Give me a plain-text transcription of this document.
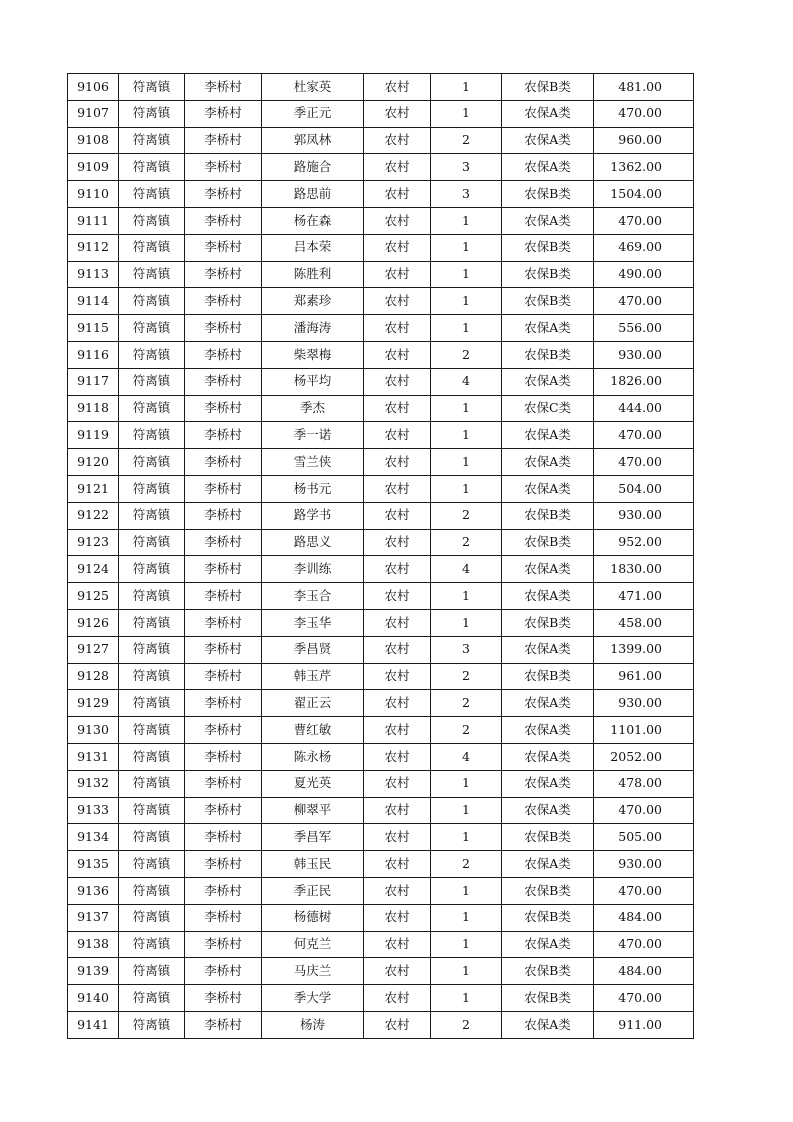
9106	符离镇	李桥村	杜家英	农村	1	农保B类	481.00
9107	符离镇	李桥村	季正元	农村	1	农保A类	470.00
9108	符离镇	李桥村	郭凤林	农村	2	农保A类	960.00
9109	符离镇	李桥村	路施合	农村	3	农保A类	1362.00
9110	符离镇	李桥村	路思前	农村	3	农保B类	1504.00
9111	符离镇	李桥村	杨在森	农村	1	农保A类	470.00
9112	符离镇	李桥村	吕本荣	农村	1	农保B类	469.00
9113	符离镇	李桥村	陈胜利	农村	1	农保B类	490.00
9114	符离镇	李桥村	郑素珍	农村	1	农保B类	470.00
9115	符离镇	李桥村	潘海涛	农村	1	农保A类	556.00
9116	符离镇	李桥村	柴翠梅	农村	2	农保B类	930.00
9117	符离镇	李桥村	杨平均	农村	4	农保A类	1826.00
9118	符离镇	李桥村	季杰	农村	1	农保C类	444.00
9119	符离镇	李桥村	季一诺	农村	1	农保A类	470.00
9120	符离镇	李桥村	雪兰侠	农村	1	农保A类	470.00
9121	符离镇	李桥村	杨书元	农村	1	农保A类	504.00
9122	符离镇	李桥村	路学书	农村	2	农保B类	930.00
9123	符离镇	李桥村	路思义	农村	2	农保B类	952.00
9124	符离镇	李桥村	李训练	农村	4	农保A类	1830.00
9125	符离镇	李桥村	李玉合	农村	1	农保A类	471.00
9126	符离镇	李桥村	李玉华	农村	1	农保B类	458.00
9127	符离镇	李桥村	季昌贤	农村	3	农保A类	1399.00
9128	符离镇	李桥村	韩玉芹	农村	2	农保B类	961.00
9129	符离镇	李桥村	翟正云	农村	2	农保A类	930.00
9130	符离镇	李桥村	曹红敏	农村	2	农保A类	1101.00
9131	符离镇	李桥村	陈永杨	农村	4	农保A类	2052.00
9132	符离镇	李桥村	夏光英	农村	1	农保A类	478.00
9133	符离镇	李桥村	柳翠平	农村	1	农保A类	470.00
9134	符离镇	李桥村	季昌军	农村	1	农保B类	505.00
9135	符离镇	李桥村	韩玉民	农村	2	农保A类	930.00
9136	符离镇	李桥村	季正民	农村	1	农保B类	470.00
9137	符离镇	李桥村	杨德树	农村	1	农保B类	484.00
9138	符离镇	李桥村	何克兰	农村	1	农保A类	470.00
9139	符离镇	李桥村	马庆兰	农村	1	农保B类	484.00
9140	符离镇	李桥村	季大学	农村	1	农保B类	470.00
9141	符离镇	李桥村	杨涛	农村	2	农保A类	911.00
